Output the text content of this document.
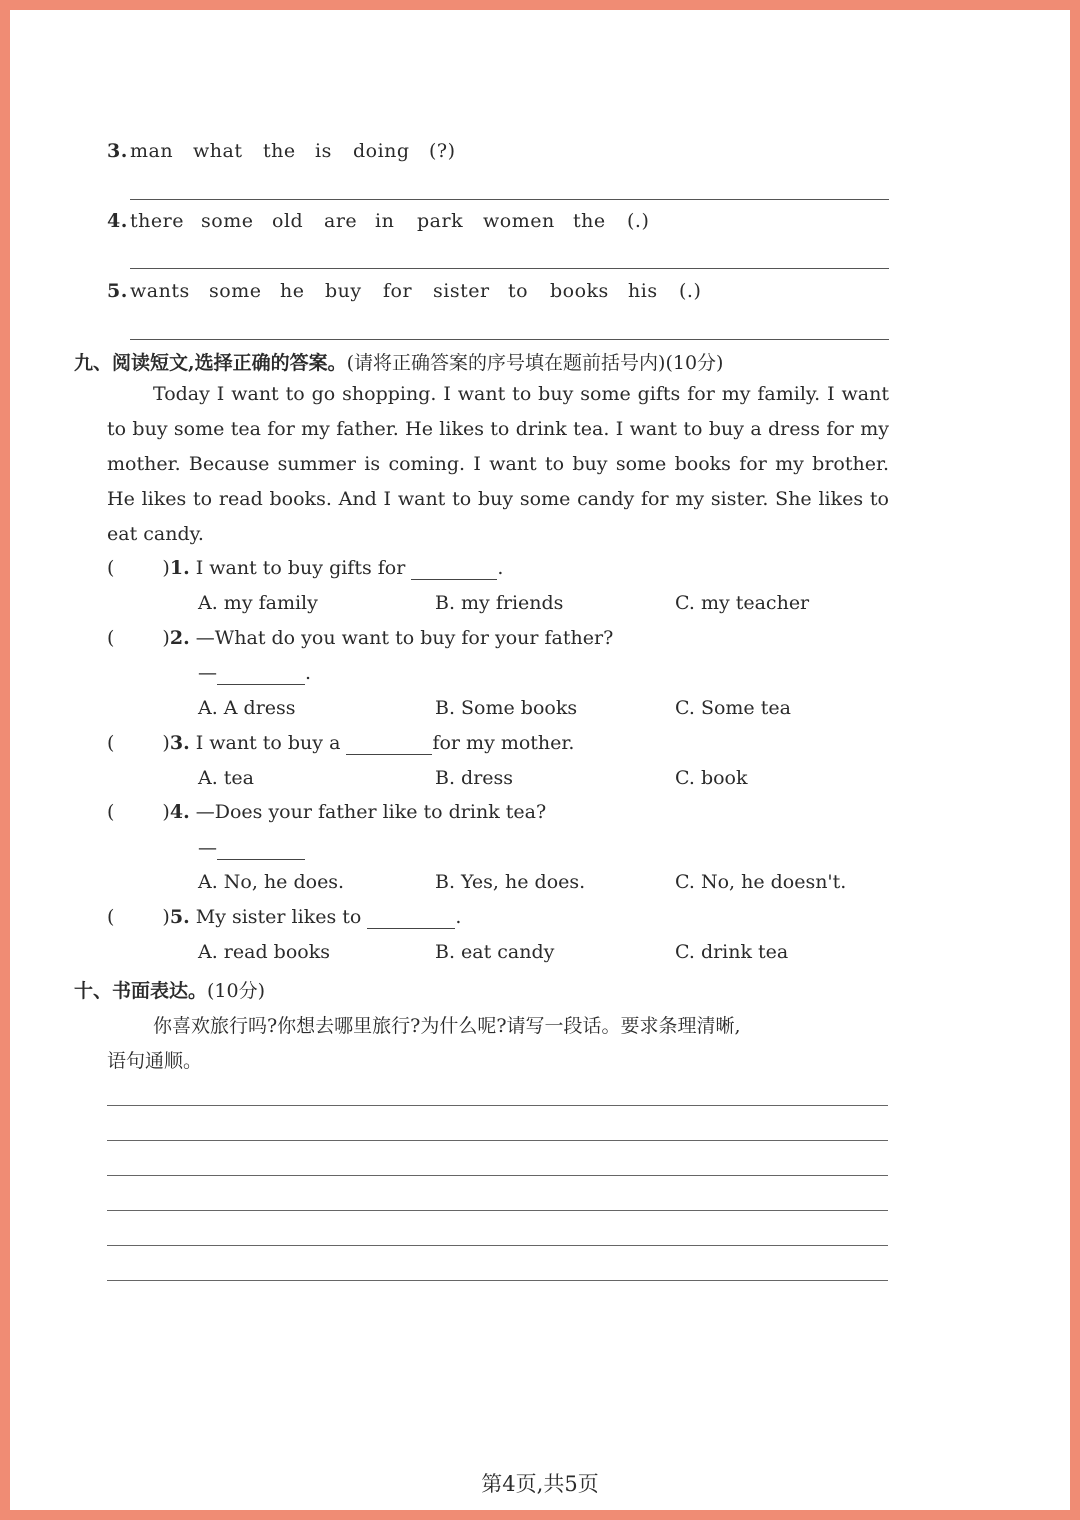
3. man what the is doing (?)
4. there some old are in park women the (.)
5. wants some he buy for sister to books his (.)
九、阅读短文,选择正确的答案。(请将正确答案的序号填在题前括号内)(10分)
Today I want to go shopping. I want to buy some gifts for my family. I want to buy some tea for my father. He likes to drink tea. I want to buy a dress for my mother. Because summer is coming. I want to buy some books for my brother. He likes to read books. And I want to buy some candy for my sister. She likes to eat candy.
(	)1. I want to buy gifts for	.
A. my family	B. my friends	C. my teacher
(	)2. —What do you want to buy for your father?
—	.
A. A dress	B. Some books	C. Some tea
(	)3. I want to buy a	for my mother.
A. tea	B. dress	C. book
(	)4. —Does your father like to drink tea?
—
A. No, he does.	B. Yes, he does.	C. No, he doesn't.
(	)5. My sister likes to	.
A. read books	B. eat candy	C. drink tea
十、书面表达。(10分)
你喜欢旅行吗?你想去哪里旅行?为什么呢?请写一段话。要求条理清晰,
语句通顺。
第4页,共5页
